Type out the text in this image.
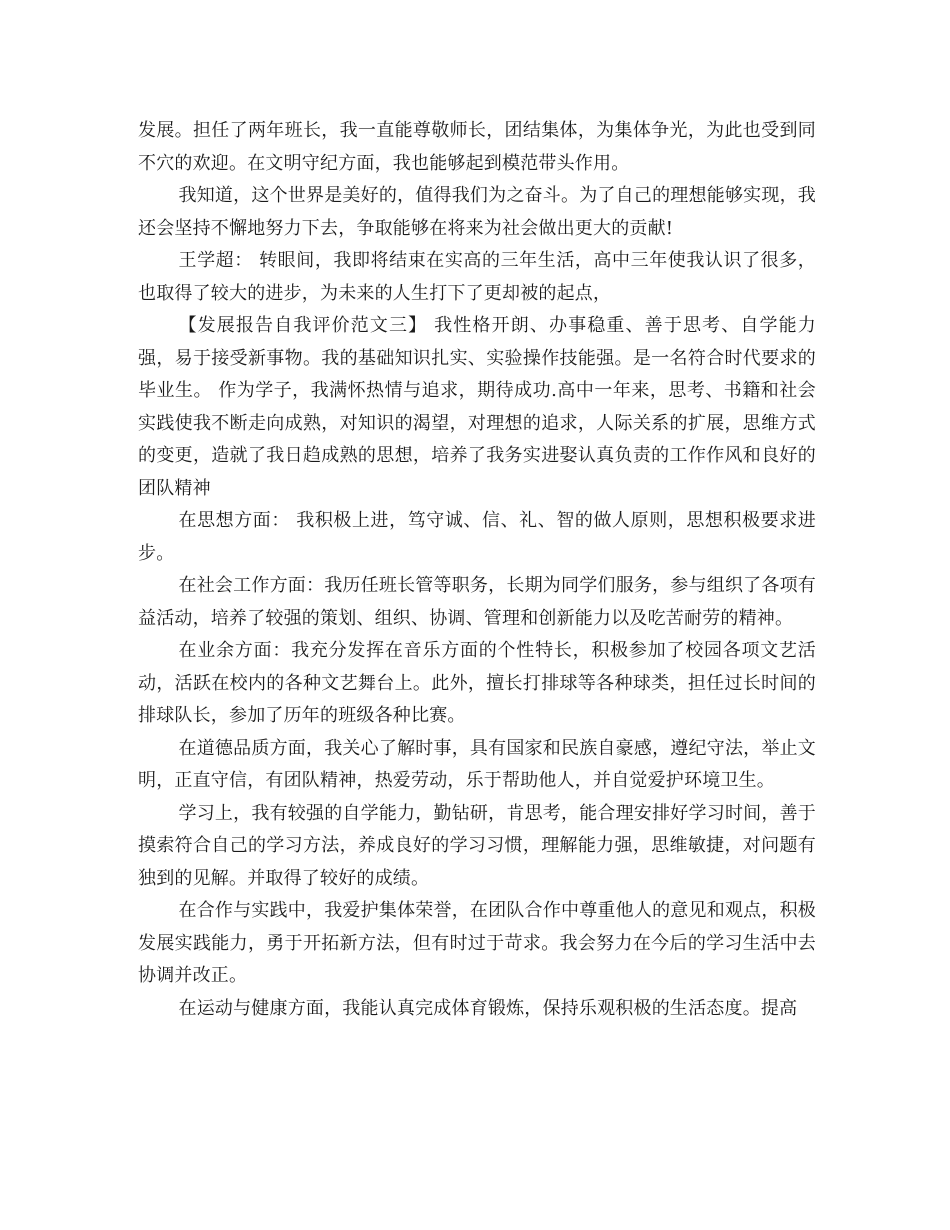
发展。担任了两年班长，我一直能尊敬师长，团结集体，为集体争光，为此也受到同不穴的欢迎。在文明守纪方面，我也能够起到模范带头作用。

我知道，这个世界是美好的，值得我们为之奋斗。为了自己的理想能够实现，我还会坚持不懈地努力下去，争取能够在将来为社会做出更大的贡献!

王学超： 转眼间，我即将结束在实高的三年生活，高中三年使我认识了很多，也取得了较大的进步，为未来的人生打下了更却被的起点，

【发展报告自我评价范文三】 我性格开朗、办事稳重、善于思考、自学能力强，易于接受新事物。我的基础知识扎实、实验操作技能强。是一名符合时代要求的毕业生。 作为学子，我满怀热情与追求，期待成功.高中一年来，思考、书籍和社会实践使我不断走向成熟，对知识的渴望，对理想的追求，人际关系的扩展，思维方式的变更，造就了我日趋成熟的思想，培养了我务实进娶认真负责的工作作风和良好的团队精神

在思想方面： 我积极上进，笃守诚、信、礼、智的做人原则，思想积极要求进步。

在社会工作方面：我历任班长管等职务，长期为同学们服务，参与组织了各项有益活动，培养了较强的策划、组织、协调、管理和创新能力以及吃苦耐劳的精神。

在业余方面：我充分发挥在音乐方面的个性特长，积极参加了校园各项文艺活动，活跃在校内的各种文艺舞台上。此外，擅长打排球等各种球类，担任过长时间的排球队长，参加了历年的班级各种比赛。

在道德品质方面，我关心了解时事，具有国家和民族自豪感，遵纪守法，举止文明，正直守信，有团队精神，热爱劳动，乐于帮助他人，并自觉爱护环境卫生。

学习上，我有较强的自学能力，勤钻研，肯思考，能合理安排好学习时间，善于摸索符合自己的学习方法，养成良好的学习习惯，理解能力强，思维敏捷，对问题有独到的见解。并取得了较好的成绩。

在合作与实践中，我爱护集体荣誉，在团队合作中尊重他人的意见和观点，积极发展实践能力，勇于开拓新方法，但有时过于苛求。我会努力在今后的学习生活中去协调并改正。

在运动与健康方面，我能认真完成体育锻炼，保持乐观积极的生活态度。提高
